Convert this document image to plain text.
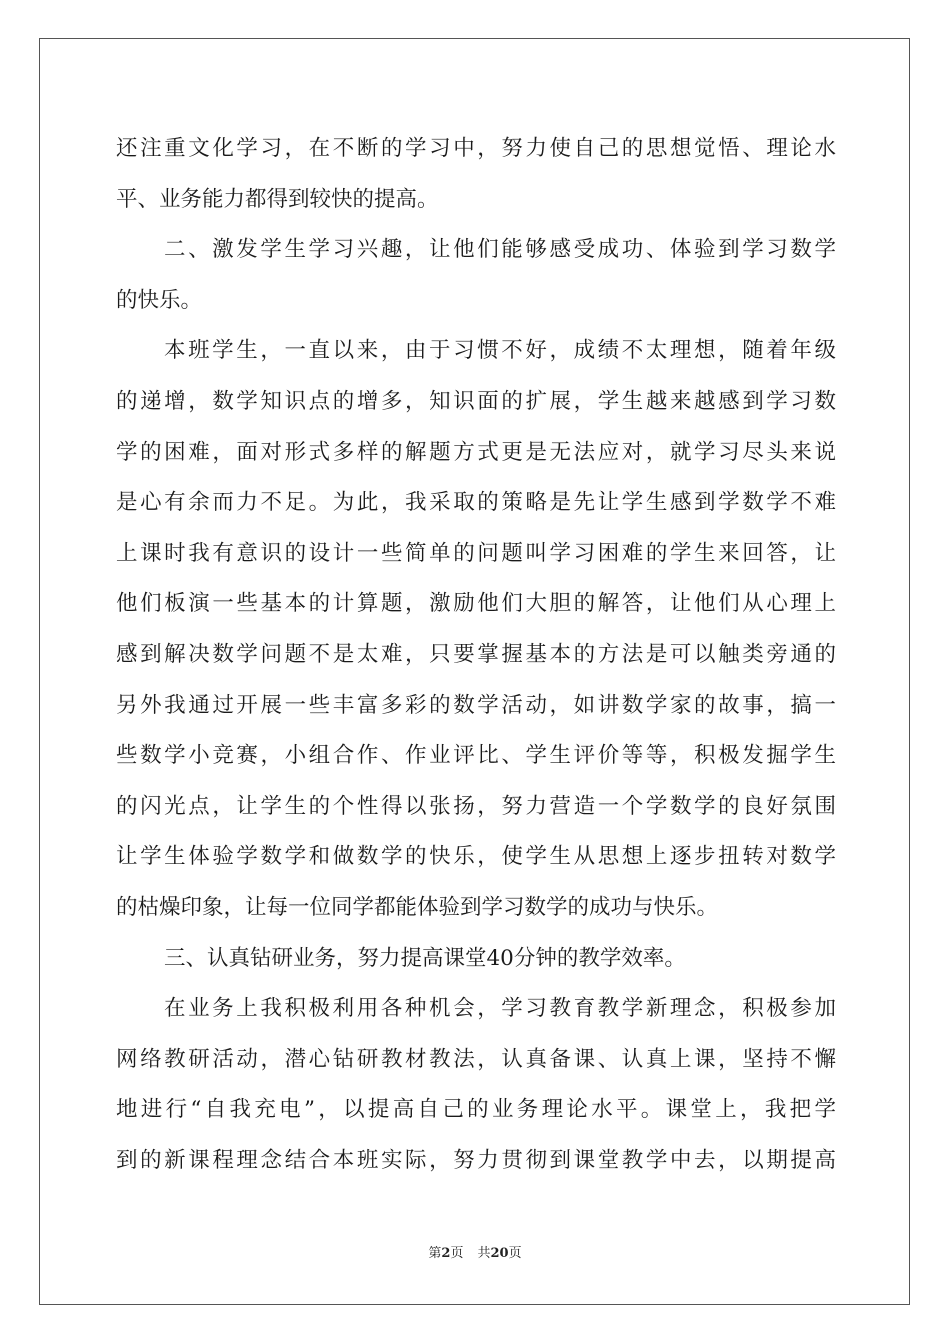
还注重文化学习，在不断的学习中，努力使自己的思想觉悟、理论水
平、业务能力都得到较快的提高。
二、激发学生学习兴趣，让他们能够感受成功、体验到学习数学
的快乐。
本班学生，一直以来，由于习惯不好，成绩不太理想，随着年级
的递增，数学知识点的增多，知识面的扩展，学生越来越感到学习数
学的困难，面对形式多样的解题方式更是无法应对，就学习尽头来说
是心有余而力不足。为此，我采取的策略是先让学生感到学数学不难
上课时我有意识的设计一些简单的问题叫学习困难的学生来回答，让
他们板演一些基本的计算题，激励他们大胆的解答，让他们从心理上
感到解决数学问题不是太难，只要掌握基本的方法是可以触类旁通的
另外我通过开展一些丰富多彩的数学活动，如讲数学家的故事，搞一
些数学小竞赛，小组合作、作业评比、学生评价等等，积极发掘学生
的闪光点，让学生的个性得以张扬，努力营造一个学数学的良好氛围
让学生体验学数学和做数学的快乐，使学生从思想上逐步扭转对数学
的枯燥印象，让每一位同学都能体验到学习数学的成功与快乐。
三、认真钻研业务，努力提高课堂40分钟的教学效率。
在业务上我积极利用各种机会，学习教育教学新理念，积极参加
网络教研活动，潜心钻研教材教法，认真备课、认真上课，坚持不懈
地进行“自我充电”，以提高自己的业务理论水平。课堂上，我把学
到的新课程理念结合本班实际，努力贯彻到课堂教学中去，以期提高
第2页 共20页
